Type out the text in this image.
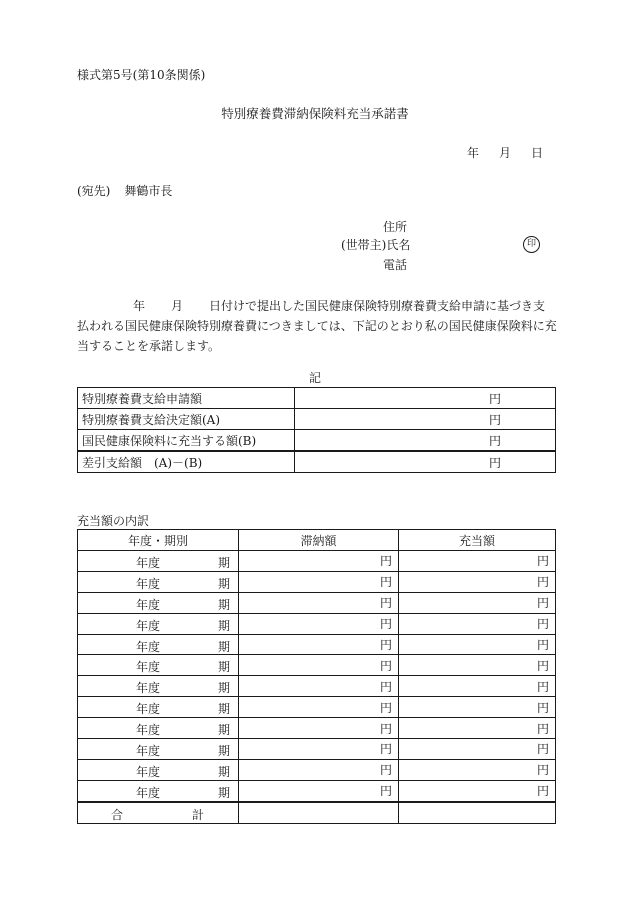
様式第5号(第10条関係)
特別療養費滞納保険料充当承諾書
年 月 日
(宛先) 舞鶴市長
住所
(世帯主)氏名	印
電話
年 月 日付けで提出した国民健康保険特別療養費支給申請に基づき支払われる国民健康保険特別療養費につきましては、下記のとおり私の国民健康保険料に充当することを承諾します。
記
特別療養費支給申請額	円
特別療養費支給決定額(A)	円
国民健康保険料に充当する額(B)	円
差引支給額　(A)－(B)	円
充当額の内訳
年度・期別	滞納額	充当額

年度 期	円	円

年度 期	円	円

年度 期	円	円

年度 期	円	円

年度 期	円	円

年度 期	円	円

年度 期	円	円

年度 期	円	円

年度 期	円	円

年度 期	円	円

年度 期	円	円

年度 期	円	円

合 計		
